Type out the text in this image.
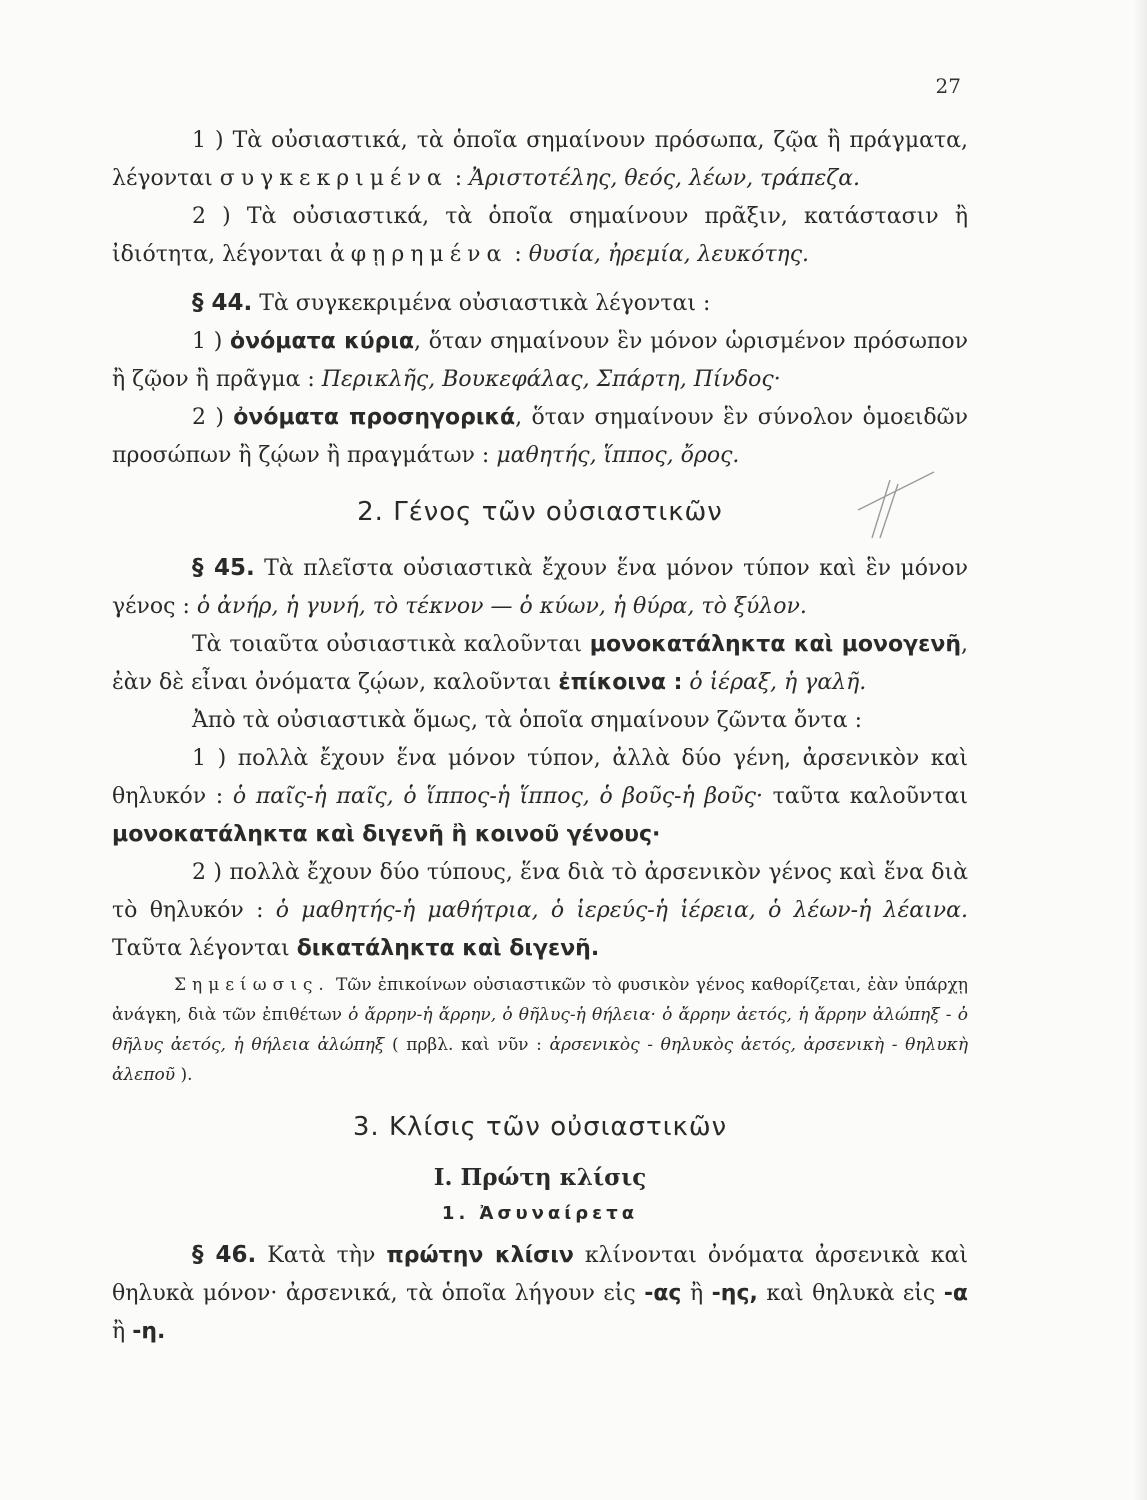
27

1 ) Τὰ οὐσιαστικά, τὰ ὁποῖα σημαίνουν πρόσωπα, ζῷα ἢ πράγματα, λέγονται συγκεκριμένα : Ἀριστοτέλης, θεός, λέων, τράπεζα.

2 ) Τὰ οὐσιαστικά, τὰ ὁποῖα σημαίνουν πρᾶξιν, κατάστασιν ἢ ἰδιότητα, λέγονται ἀφῃρημένα : θυσία, ἠρεμία, λευκότης.

§ 44. Τὰ συγκεκριμένα οὐσιαστικὰ λέγονται :

1 ) ὀνόματα κύρια, ὅταν σημαίνουν ἓν μόνον ὡρισμένον πρόσωπον ἢ ζῷον ἢ πρᾶγμα : Περικλῆς, Βουκεφάλας, Σπάρτη, Πίνδος·

2 ) ὀνόματα προσηγορικά, ὅταν σημαίνουν ἓν σύνολον ὁμοειδῶν προσώπων ἢ ζῴων ἢ πραγμάτων : μαθητής, ἵππος, ὄρος.

2. Γένος τῶν οὐσιαστικῶν

§ 45. Τὰ πλεῖστα οὐσιαστικὰ ἔχουν ἕνα μόνον τύπον καὶ ἓν μόνον γένος : ὁ ἀνήρ, ἡ γυνή, τὸ τέκνον — ὁ κύων, ἡ θύρα, τὸ ξύλον.

Τὰ τοιαῦτα οὐσιαστικὰ καλοῦνται μονοκατάληκτα καὶ μονογενῆ, ἐὰν δὲ εἶναι ὀνόματα ζῴων, καλοῦνται ἐπίκοινα : ὁ ἱέραξ, ἡ γαλῆ.

Ἀπὸ τὰ οὐσιαστικὰ ὅμως, τὰ ὁποῖα σημαίνουν ζῶντα ὄντα :

1 ) πολλὰ ἔχουν ἕνα μόνον τύπον, ἀλλὰ δύο γένη, ἀρσενικὸν καὶ θηλυκόν : ὁ παῖς-ἡ παῖς, ὁ ἵππος-ἡ ἵππος, ὁ βοῦς-ἡ βοῦς· ταῦτα καλοῦνται μονοκατάληκτα καὶ διγενῆ ἢ κοινοῦ γένους·

2 ) πολλὰ ἔχουν δύο τύπους, ἕνα διὰ τὸ ἀρσενικὸν γένος καὶ ἕνα διὰ τὸ θηλυκόν : ὁ μαθητής-ἡ μαθήτρια, ὁ ἱερεύς-ἡ ἱέρεια, ὁ λέων-ἡ λέαινα. Ταῦτα λέγονται δικατάληκτα καὶ διγενῆ.

Σημείωσις. Τῶν ἐπικοίνων οὐσιαστικῶν τὸ φυσικὸν γένος καθορίζεται, ἐὰν ὑπάρχῃ ἀνάγκη, διὰ τῶν ἐπιθέτων ὁ ἄρρην-ἡ ἄρρην, ὁ θῆλυς-ἡ θήλεια· ὁ ἄρρην ἀετός, ἡ ἄρρην ἀλώπηξ - ὁ θῆλυς ἀετός, ἡ θήλεια ἀλώπηξ ( πρβλ. καὶ νῦν : ἀρσενικὸς - θηλυκὸς ἀετός, ἀρσενικὴ - θηλυκὴ ἀλεποῦ ).

3. Κλίσις τῶν οὐσιαστικῶν
I. Πρώτη κλίσις
1. Ἀσυναίρετα

§ 46. Κατὰ τὴν πρώτην κλίσιν κλίνονται ὀνόματα ἀρσενικὰ καὶ θηλυκὰ μόνον· ἀρσενικά, τὰ ὁποῖα λήγουν εἰς -ας ἢ -ης, καὶ θηλυκὰ εἰς -α ἢ -η.
